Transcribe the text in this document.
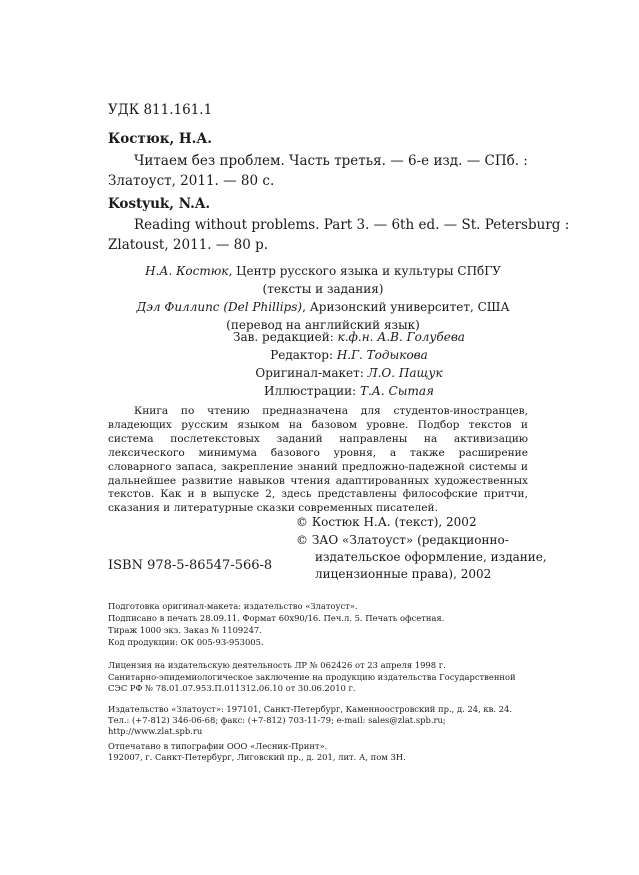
УДК 811.161.1
Костюк, Н.А.
Читаем без проблем. Часть третья. — 6-е изд. — СПб. :
Златоуст, 2011. — 80 с.
Kostyuk, N.A.
Reading without problems. Part 3. — 6th ed. — St. Petersburg :
Zlatoust, 2011. — 80 p.
Н.А. Костюк, Центр русского языка и культуры СПбГУ
(тексты и задания)
Дэл Филлипс (Del Phillips), Аризонский университет, США
(перевод на английский язык)
Зав. редакцией: к.ф.н. А.В. Голубева
Редактор: Н.Г. Тодыкова
Оригинал-макет: Л.О. Пащук
Иллюстрации: Т.А. Сытая

Книга по чтению предназначена для студентов-иностранцев, владеющих русским языком на базовом уровне. Подбор текстов и система послетекстовых заданий направлены на активизацию лексического минимума базового уровня, а также расширение словарного запаса, закрепление знаний предложно-падежной системы и дальнейшее развитие навыков чтения адаптированных художественных текстов. Как и в выпуске 2, здесь представлены философские притчи, сказания и литературные сказки современных писателей.

© Костюк Н.А. (текст), 2002
© ЗАО «Златоуст» (редакционно-
издательское оформление, издание,
лицензионные права), 2002
ISBN 978-5-86547-566-8
Подготовка оригинал-макета: издательство «Златоуст».
Подписано в печать 28.09.11. Формат 60x90/16. Печ.л. 5. Печать офсетная.
Тираж 1000 экз. Заказ № 1109247.
Код продукции: ОК 005-93-953005.
Лицензия на издательскую деятельность ЛР № 062426 от 23 апреля 1998 г.
Санитарно-эпидемиологическое заключение на продукцию издательства Государственной
СЭС РФ № 78.01.07.953.П.011312.06.10 от 30.06.2010 г.
Издательство «Златоуст»: 197101, Санкт-Петербург, Каменноостровский пр., д. 24, кв. 24.
Тел.: (+7-812) 346-06-68; факс: (+7-812) 703-11-79; e-mail: sales@zlat.spb.ru;
http://www.zlat.spb.ru
Отпечатано в типографии ООО «Лесник-Принт».
192007, г. Санкт-Петербург, Лиговский пр., д. 201, лит. А, пом 3Н.
